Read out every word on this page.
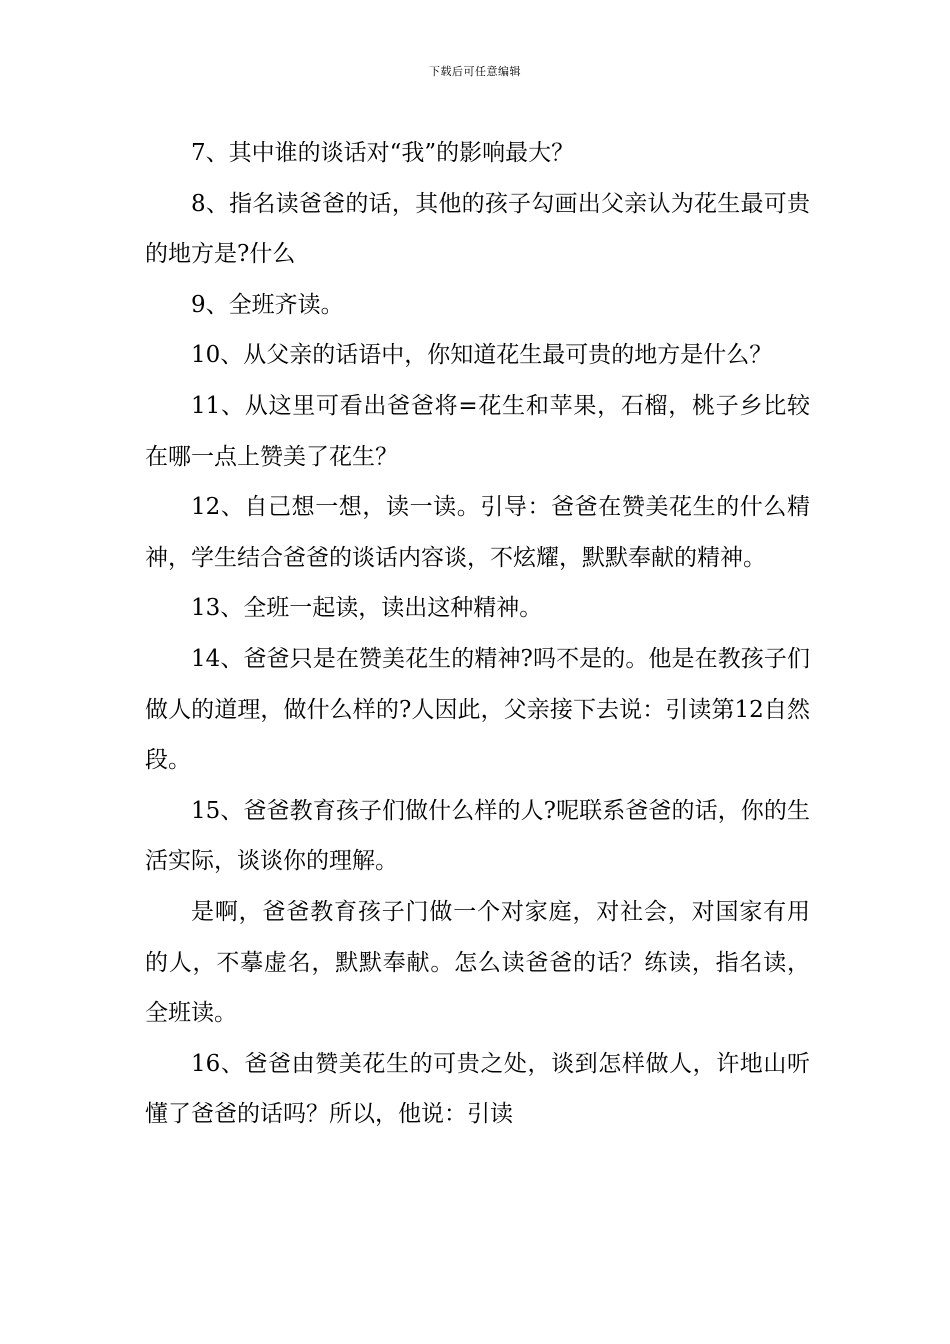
下载后可任意编辑

7、其中谁的谈话对“我”的影响最大？

8、指名读爸爸的话，其他的孩子勾画出父亲认为花生最可贵的地方是?什么

9、全班齐读。

10、从父亲的话语中，你知道花生最可贵的地方是什么？

11、从这里可看出爸爸将=花生和苹果，石榴，桃子乡比较在哪一点上赞美了花生？

12、自己想一想，读一读。引导：爸爸在赞美花生的什么精神，学生结合爸爸的谈话内容谈，不炫耀，默默奉献的精神。

13、全班一起读，读出这种精神。

14、爸爸只是在赞美花生的精神?吗不是的。他是在教孩子们做人的道理，做什么样的?人因此，父亲接下去说：引读第12自然段。

15、爸爸教育孩子们做什么样的人?呢联系爸爸的话，你的生活实际，谈谈你的理解。

是啊，爸爸教育孩子门做一个对家庭，对社会，对国家有用的人，不摹虚名，默默奉献。怎么读爸爸的话？练读，指名读，全班读。

16、爸爸由赞美花生的可贵之处，谈到怎样做人，许地山听懂了爸爸的话吗？所以，他说：引读
